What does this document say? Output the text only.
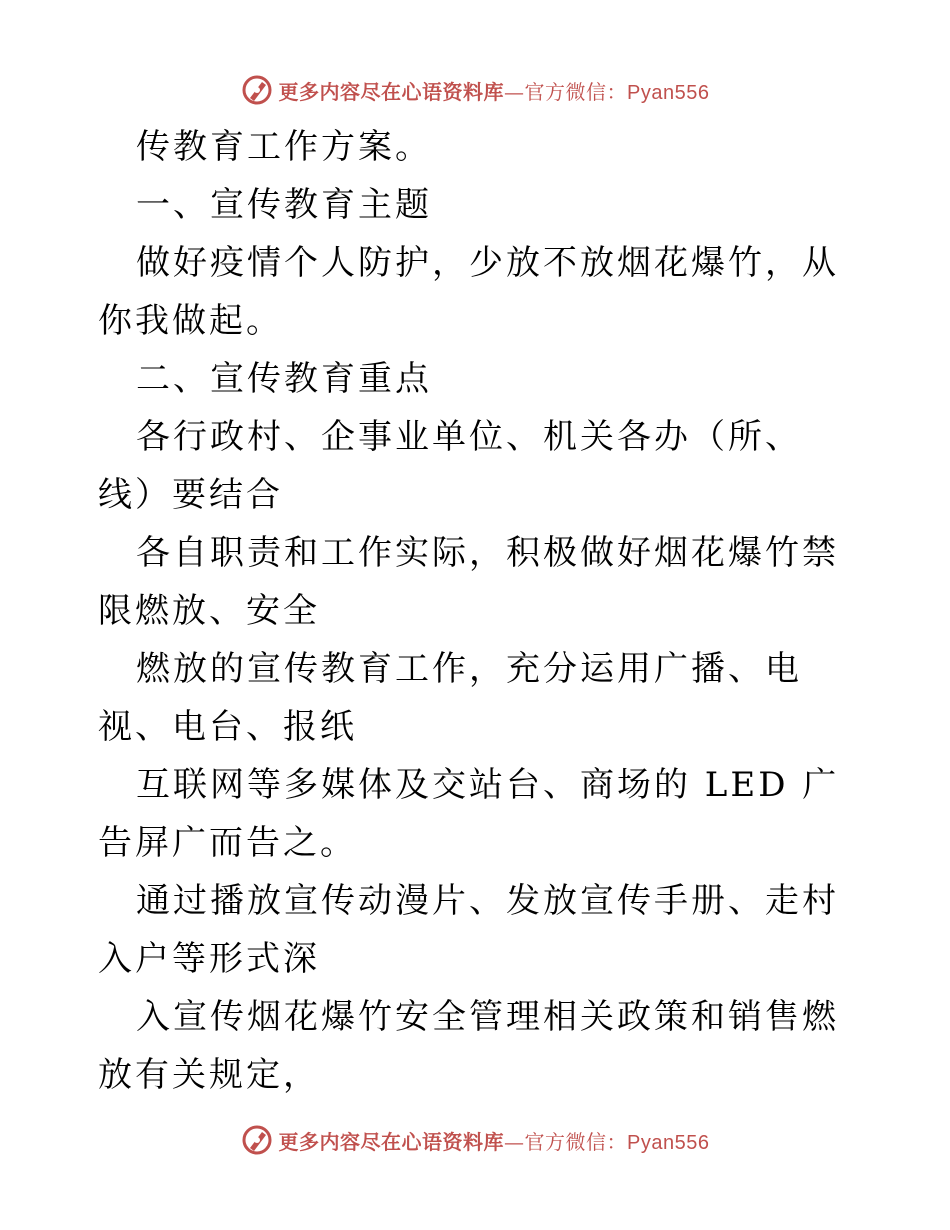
更多内容尽在心语资料库—官方微信：Pyan556

传教育工作方案。

一、宣传教育主题

做好疫情个人防护，少放不放烟花爆竹，从你我做起。

二、宣传教育重点

各行政村、企事业单位、机关各办（所、线）要结合

各自职责和工作实际，积极做好烟花爆竹禁限燃放、安全

燃放的宣传教育工作，充分运用广播、电视、电台、报纸

互联网等多媒体及交站台、商场的 LED 广告屏广而告之。

通过播放宣传动漫片、发放宣传手册、走村入户等形式深

入宣传烟花爆竹安全管理相关政策和销售燃放有关规定，

更多内容尽在心语资料库—官方微信：Pyan556
